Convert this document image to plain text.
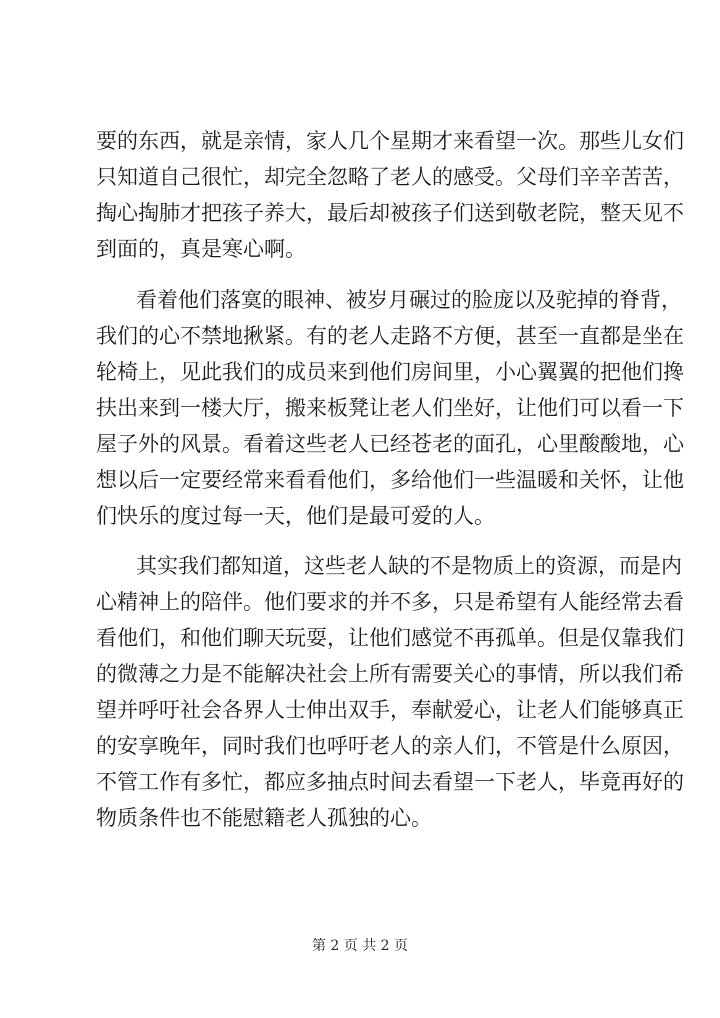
要的东西，就是亲情，家人几个星期才来看望一次。那些儿女们
只知道自己很忙，却完全忽略了老人的感受。父母们辛辛苦苦，
掏心掏肺才把孩子养大，最后却被孩子们送到敬老院，整天见不
到面的，真是寒心啊。
看着他们落寞的眼神、被岁月碾过的脸庞以及驼掉的脊背，
我们的心不禁地揪紧。有的老人走路不方便，甚至一直都是坐在
轮椅上，见此我们的成员来到他们房间里，小心翼翼的把他们搀
扶出来到一楼大厅，搬来板凳让老人们坐好，让他们可以看一下
屋子外的风景。看着这些老人已经苍老的面孔，心里酸酸地，心
想以后一定要经常来看看他们，多给他们一些温暖和关怀，让他
们快乐的度过每一天，他们是最可爱的人。
其实我们都知道，这些老人缺的不是物质上的资源，而是内
心精神上的陪伴。他们要求的并不多，只是希望有人能经常去看
看他们，和他们聊天玩耍，让他们感觉不再孤单。但是仅靠我们
的微薄之力是不能解决社会上所有需要关心的事情，所以我们希
望并呼吁社会各界人士伸出双手，奉献爱心，让老人们能够真正
的安享晚年，同时我们也呼吁老人的亲人们，不管是什么原因，
不管工作有多忙，都应多抽点时间去看望一下老人，毕竟再好的
物质条件也不能慰籍老人孤独的心。
第 2 页 共 2 页
